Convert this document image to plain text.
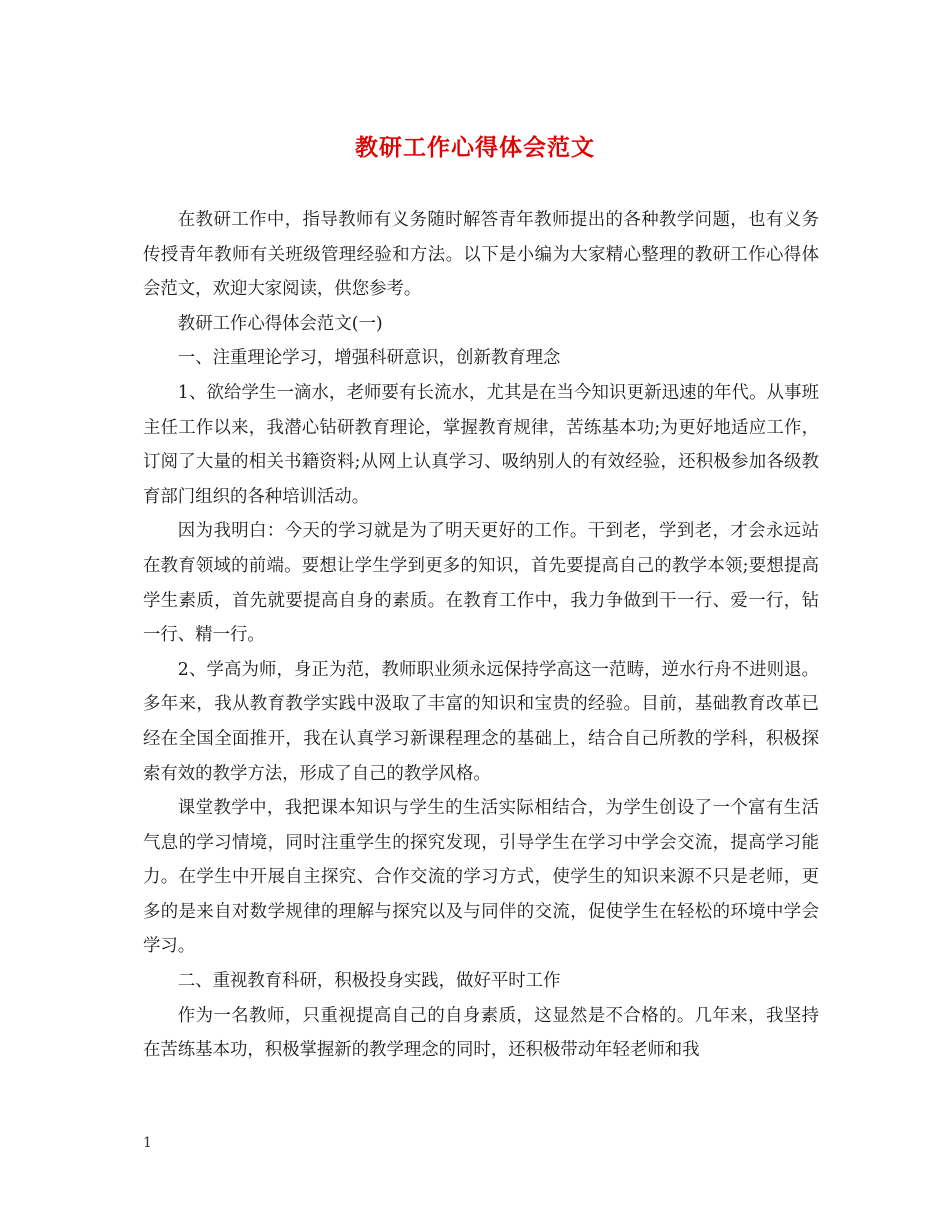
教研工作心得体会范文

在教研工作中，指导教师有义务随时解答青年教师提出的各种教学问题，也有义务传授青年教师有关班级管理经验和方法。以下是小编为大家精心整理的教研工作心得体会范文，欢迎大家阅读，供您参考。

教研工作心得体会范文(一)

一、注重理论学习，增强科研意识，创新教育理念

1、欲给学生一滴水，老师要有长流水，尤其是在当今知识更新迅速的年代。从事班主任工作以来，我潜心钻研教育理论，掌握教育规律，苦练基本功;为更好地适应工作，订阅了大量的相关书籍资料;从网上认真学习、吸纳别人的有效经验，还积极参加各级教育部门组织的各种培训活动。

因为我明白：今天的学习就是为了明天更好的工作。干到老，学到老，才会永远站在教育领域的前端。要想让学生学到更多的知识，首先要提高自己的教学本领;要想提高学生素质，首先就要提高自身的素质。在教育工作中，我力争做到干一行、爱一行，钻一行、精一行。

2、学高为师，身正为范，教师职业须永远保持学高这一范畴，逆水行舟不进则退。多年来，我从教育教学实践中汲取了丰富的知识和宝贵的经验。目前，基础教育改革已经在全国全面推开，我在认真学习新课程理念的基础上，结合自己所教的学科，积极探索有效的教学方法，形成了自己的教学风格。

课堂教学中，我把课本知识与学生的生活实际相结合，为学生创设了一个富有生活气息的学习情境，同时注重学生的探究发现，引导学生在学习中学会交流，提高学习能力。在学生中开展自主探究、合作交流的学习方式，使学生的知识来源不只是老师，更多的是来自对数学规律的理解与探究以及与同伴的交流，促使学生在轻松的环境中学会学习。

二、重视教育科研，积极投身实践，做好平时工作

作为一名教师，只重视提高自己的自身素质，这显然是不合格的。几年来，我坚持在苦练基本功，积极掌握新的教学理念的同时，还积极带动年轻老师和我

1
